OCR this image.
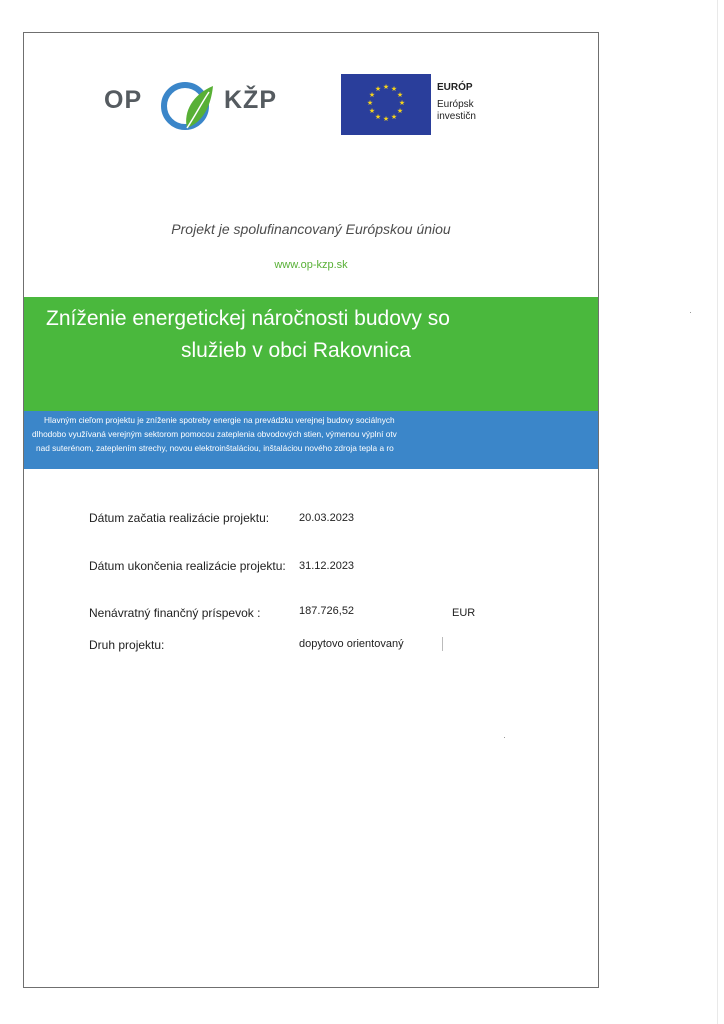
OP	KŽP	★ ★
★
★
★
★
★
★
★
★
★
★	EURÓP
Európsk
investičn
Projekt je spolufinancovaný Európskou úniou
www.op-kzp.sk
Zníženie energetickej náročnosti budovy so
služieb v obci Rakovnica
Hlavným cieľom projektu je zníženie spotreby energie na prevádzku verejnej budovy sociálnych
dlhodobo využívaná verejným sektorom pomocou zateplenia obvodových stien, výmenou výplní otv
nad suterénom, zateplením strechy, novou elektroinštaláciou, inštaláciou nového zdroja tepla a ro
Dátum začatia realizácie projektu:	20.03.2023
Dátum ukončenia realizácie projektu: 31.12.2023
Nenávratný finančný príspevok :	187.726,52	EUR
Druh projektu:	dopytovo orientovaný
